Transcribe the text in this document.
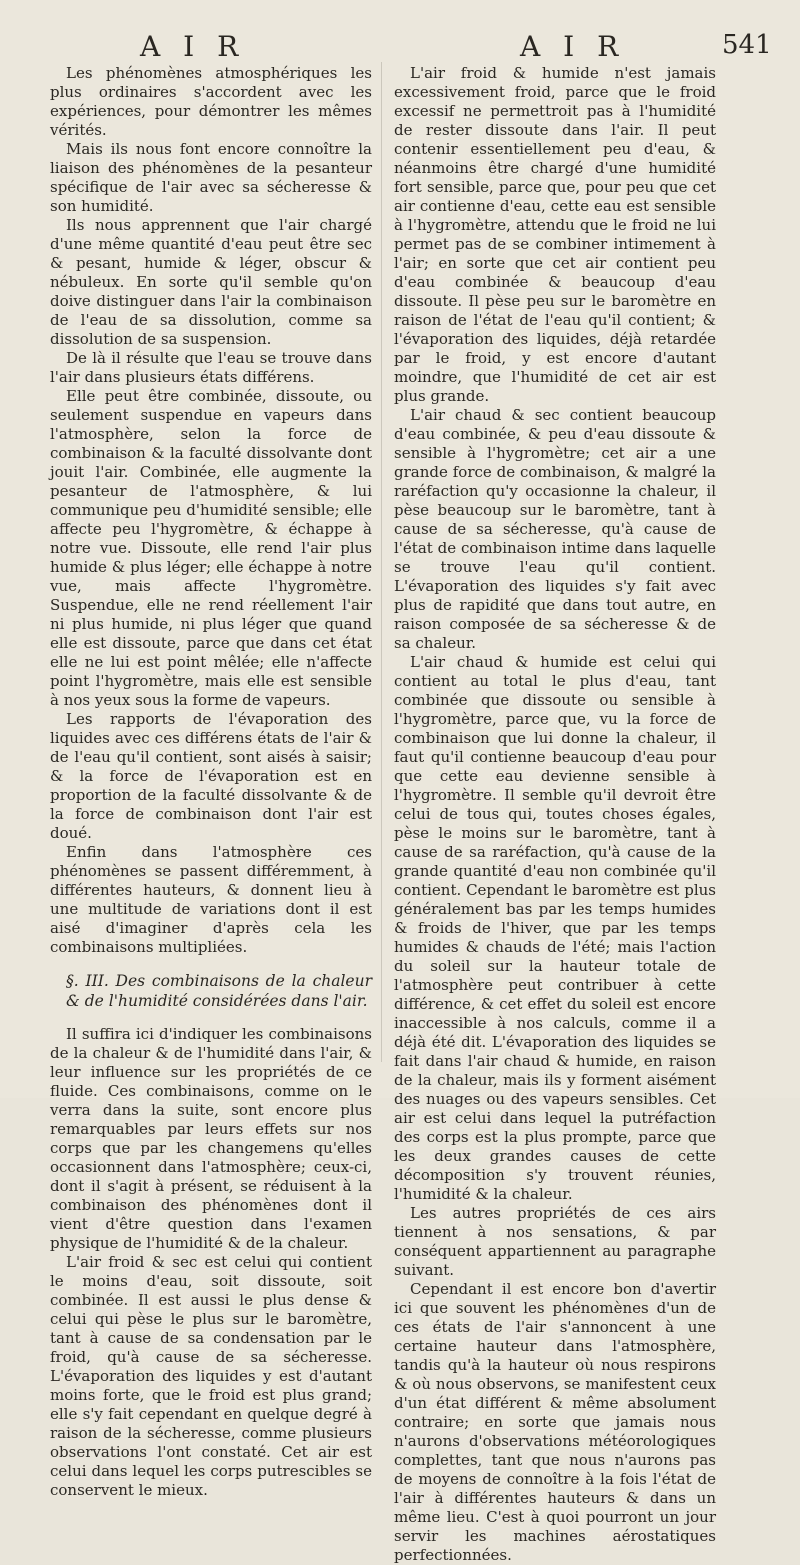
A I R	A I R	541

Les phénomènes atmosphériques les plus ordinaires s'accordent avec les expériences, pour démontrer les mêmes vérités.

Mais ils nous font encore connoître la liaison des phénomènes de la pesanteur spécifique de l'air avec sa sécheresse & son humidité.

Ils nous apprennent que l'air chargé d'une même quantité d'eau peut être sec & pesant, humide & léger, obscur & nébuleux. En sorte qu'il semble qu'on doive distinguer dans l'air la combinaison de l'eau de sa dissolution, comme sa dissolution de sa suspension.

De là il résulte que l'eau se trouve dans l'air dans plusieurs états différens.

Elle peut être combinée, dissoute, ou seulement suspendue en vapeurs dans l'atmosphère, selon la force de combinaison & la faculté dissolvante dont jouit l'air. Combinée, elle augmente la pesanteur de l'atmosphère, & lui communique peu d'humidité sensible; elle affecte peu l'hygromètre, & échappe à notre vue. Dissoute, elle rend l'air plus humide & plus léger; elle échappe à notre vue, mais affecte l'hygromètre. Suspendue, elle ne rend réellement l'air ni plus humide, ni plus léger que quand elle est dissoute, parce que dans cet état elle ne lui est point mêlée; elle n'affecte point l'hygromètre, mais elle est sensible à nos yeux sous la forme de vapeurs.

Les rapports de l'évaporation des liquides avec ces différens états de l'air & de l'eau qu'il contient, sont aisés à saisir; & la force de l'évaporation est en proportion de la faculté dissolvante & de la force de combinaison dont l'air est doué.

Enfin dans l'atmosphère ces phénomènes se passent différemment, à différentes hauteurs, & donnent lieu à une multitude de variations dont il est aisé d'imaginer d'après cela les combinaisons multipliées.

§. III. Des combinaisons de la chaleur & de l'humidité considérées dans l'air.

Il suffira ici d'indiquer les combinaisons de la chaleur & de l'humidité dans l'air, & leur influence sur les propriétés de ce fluide. Ces combinaisons, comme on le verra dans la suite, sont encore plus remarquables par leurs effets sur nos corps que par les changemens qu'elles occasionnent dans l'atmosphère; ceux-ci, dont il s'agit à présent, se réduisent à la combinaison des phénomènes dont il vient d'être question dans l'examen physique de l'humidité & de la chaleur.

L'air froid & sec est celui qui contient le moins d'eau, soit dissoute, soit combinée. Il est aussi le plus dense & celui qui pèse le plus sur le baromètre, tant à cause de sa condensation par le froid, qu'à cause de sa sécheresse. L'évaporation des liquides y est d'autant moins forte, que le froid est plus grand; elle s'y fait cependant en quelque degré à raison de la sécheresse, comme plusieurs observations l'ont constaté. Cet air est celui dans lequel les corps putrescibles se conservent le mieux.

L'air froid & humide n'est jamais excessivement froid, parce que le froid excessif ne permettroit pas à l'humidité de rester dissoute dans l'air. Il peut contenir essentiellement peu d'eau, & néanmoins être chargé d'une humidité fort sensible, parce que, pour peu que cet air contienne d'eau, cette eau est sensible à l'hygromètre, attendu que le froid ne lui permet pas de se combiner intimement à l'air; en sorte que cet air contient peu d'eau combinée & beaucoup d'eau dissoute. Il pèse peu sur le baromètre en raison de l'état de l'eau qu'il contient; & l'évaporation des liquides, déjà retardée par le froid, y est encore d'autant moindre, que l'humidité de cet air est plus grande.

L'air chaud & sec contient beaucoup d'eau combinée, & peu d'eau dissoute & sensible à l'hygromètre; cet air a une grande force de combinaison, & malgré la raréfaction qu'y occasionne la chaleur, il pèse beaucoup sur le baromètre, tant à cause de sa sécheresse, qu'à cause de l'état de combinaison intime dans laquelle se trouve l'eau qu'il contient. L'évaporation des liquides s'y fait avec plus de rapidité que dans tout autre, en raison composée de sa sécheresse & de sa chaleur.

L'air chaud & humide est celui qui contient au total le plus d'eau, tant combinée que dissoute ou sensible à l'hygromètre, parce que, vu la force de combinaison que lui donne la chaleur, il faut qu'il contienne beaucoup d'eau pour que cette eau devienne sensible à l'hygromètre. Il semble qu'il devroit être celui de tous qui, toutes choses égales, pèse le moins sur le baromètre, tant à cause de sa raréfaction, qu'à cause de la grande quantité d'eau non combinée qu'il contient. Cependant le baromètre est plus généralement bas par les temps humides & froids de l'hiver, que par les temps humides & chauds de l'été; mais l'action du soleil sur la hauteur totale de l'atmosphère peut contribuer à cette différence, & cet effet du soleil est encore inaccessible à nos calculs, comme il a déjà été dit. L'évaporation des liquides se fait dans l'air chaud & humide, en raison de la chaleur, mais ils y forment aisément des nuages ou des vapeurs sensibles. Cet air est celui dans lequel la putréfaction des corps est la plus prompte, parce que les deux grandes causes de cette décomposition s'y trouvent réunies, l'humidité & la chaleur.

Les autres propriétés de ces airs tiennent à nos sensations, & par conséquent appartiennent au paragraphe suivant.

Cependant il est encore bon d'avertir ici que souvent les phénomènes d'un de ces états de l'air s'annoncent à une certaine hauteur dans l'atmosphère, tandis qu'à la hauteur où nous respirons & où nous observons, se manifestent ceux d'un état différent & même absolument contraire; en sorte que jamais nous n'aurons d'observations météorologiques complettes, tant que nous n'aurons pas de moyens de connoître à la fois l'état de l'air à différentes hauteurs & dans un même lieu. C'est à quoi pourront un jour servir les machines aérostatiques perfectionnées.
